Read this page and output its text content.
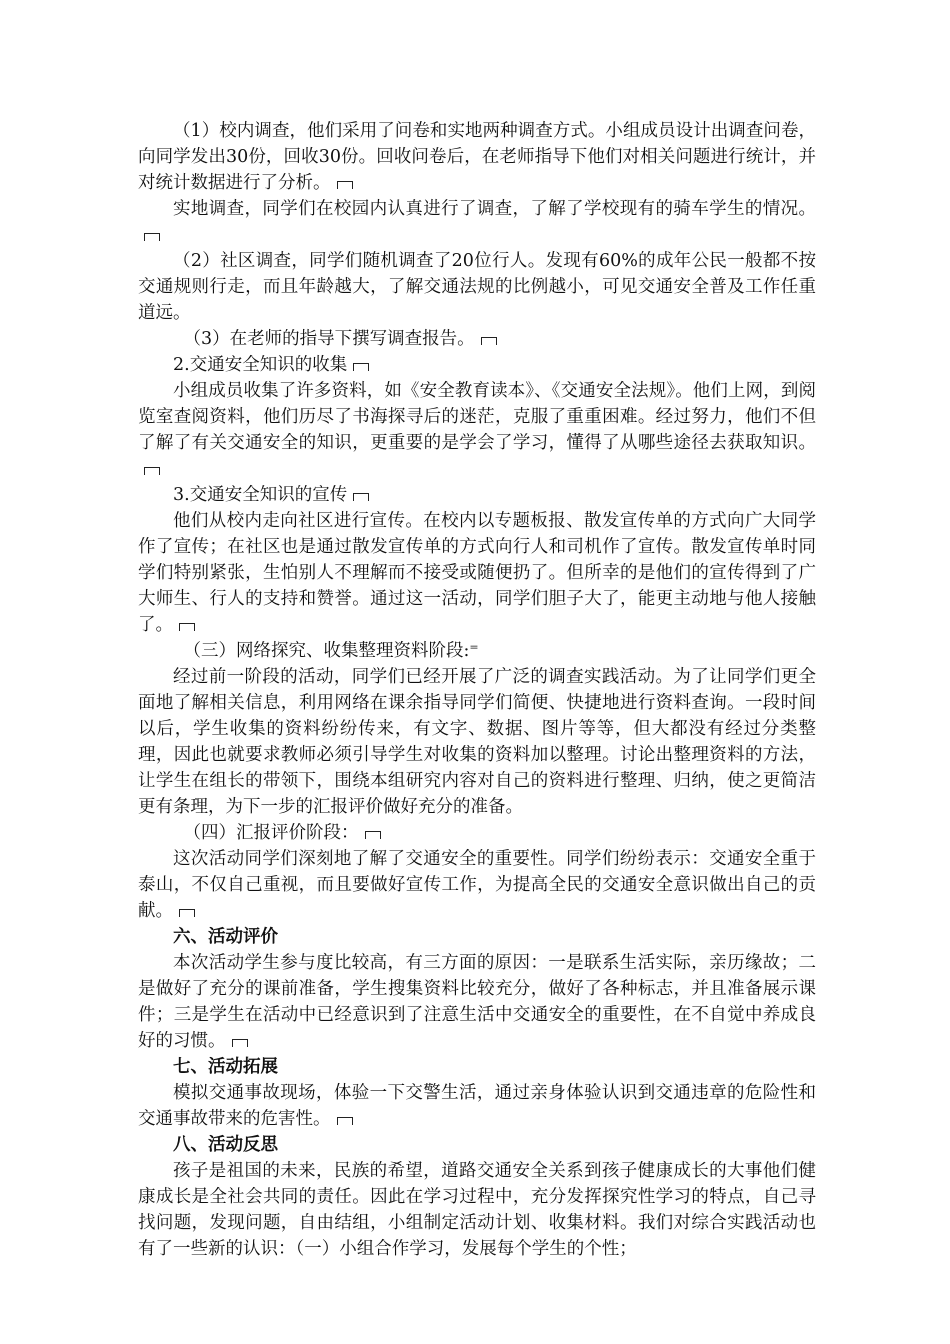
（1）校内调查，他们采用了问卷和实地两种调查方式。小组成员设计出调查问卷，向同学发出30份，回收30份。回收问卷后，在老师指导下他们对相关问题进行统计，并对统计数据进行了分析。

实地调查，同学们在校园内认真进行了调查，了解了学校现有的骑车学生的情况。

（2）社区调查，同学们随机调查了20位行人。发现有60%的成年公民一般都不按交通规则行走，而且年龄越大，了解交通法规的比例越小，可见交通安全普及工作任重道远。

（3）在老师的指导下撰写调查报告。

2.交通安全知识的收集

小组成员收集了许多资料，如《安全教育读本》、《交通安全法规》。他们上网，到阅览室查阅资料，他们历尽了书海探寻后的迷茫，克服了重重困难。经过努力，他们不但了解了有关交通安全的知识，更重要的是学会了学习，懂得了从哪些途径去获取知识。

3.交通安全知识的宣传

他们从校内走向社区进行宣传。在校内以专题板报、散发宣传单的方式向广大同学作了宣传；在社区也是通过散发宣传单的方式向行人和司机作了宣传。散发宣传单时同学们特别紧张，生怕别人不理解而不接受或随便扔了。但所幸的是他们的宣传得到了广大师生、行人的支持和赞誉。通过这一活动，同学们胆子大了，能更主动地与他人接触了。

（三）网络探究、收集整理资料阶段:⁼

经过前一阶段的活动，同学们已经开展了广泛的调查实践活动。为了让同学们更全面地了解相关信息，利用网络在课余指导同学们简便、快捷地进行资料查询。一段时间以后，学生收集的资料纷纷传来，有文字、数据、图片等等，但大都没有经过分类整理，因此也就要求教师必须引导学生对收集的资料加以整理。讨论出整理资料的方法，让学生在组长的带领下，围绕本组研究内容对自己的资料进行整理、归纳，使之更简洁更有条理，为下一步的汇报评价做好充分的准备。

（四）汇报评价阶段：

这次活动同学们深刻地了解了交通安全的重要性。同学们纷纷表示：交通安全重于泰山，不仅自己重视，而且要做好宣传工作，为提高全民的交通安全意识做出自己的贡献。

六、活动评价

本次活动学生参与度比较高，有三方面的原因：一是联系生活实际，亲历缘故；二是做好了充分的课前准备，学生搜集资料比较充分，做好了各种标志，并且准备展示课件；三是学生在活动中已经意识到了注意生活中交通安全的重要性，在不自觉中养成良好的习惯。

七、活动拓展

模拟交通事故现场，体验一下交警生活，通过亲身体验认识到交通违章的危险性和交通事故带来的危害性。

八、活动反思

孩子是祖国的未来，民族的希望，道路交通安全关系到孩子健康成长的大事他们健康成长是全社会共同的责任。因此在学习过程中，充分发挥探究性学习的特点，自己寻找问题，发现问题，自由结组，小组制定活动计划、收集材料。我们对综合实践活动也有了一些新的认识：（一）小组合作学习，发展每个学生的个性；
